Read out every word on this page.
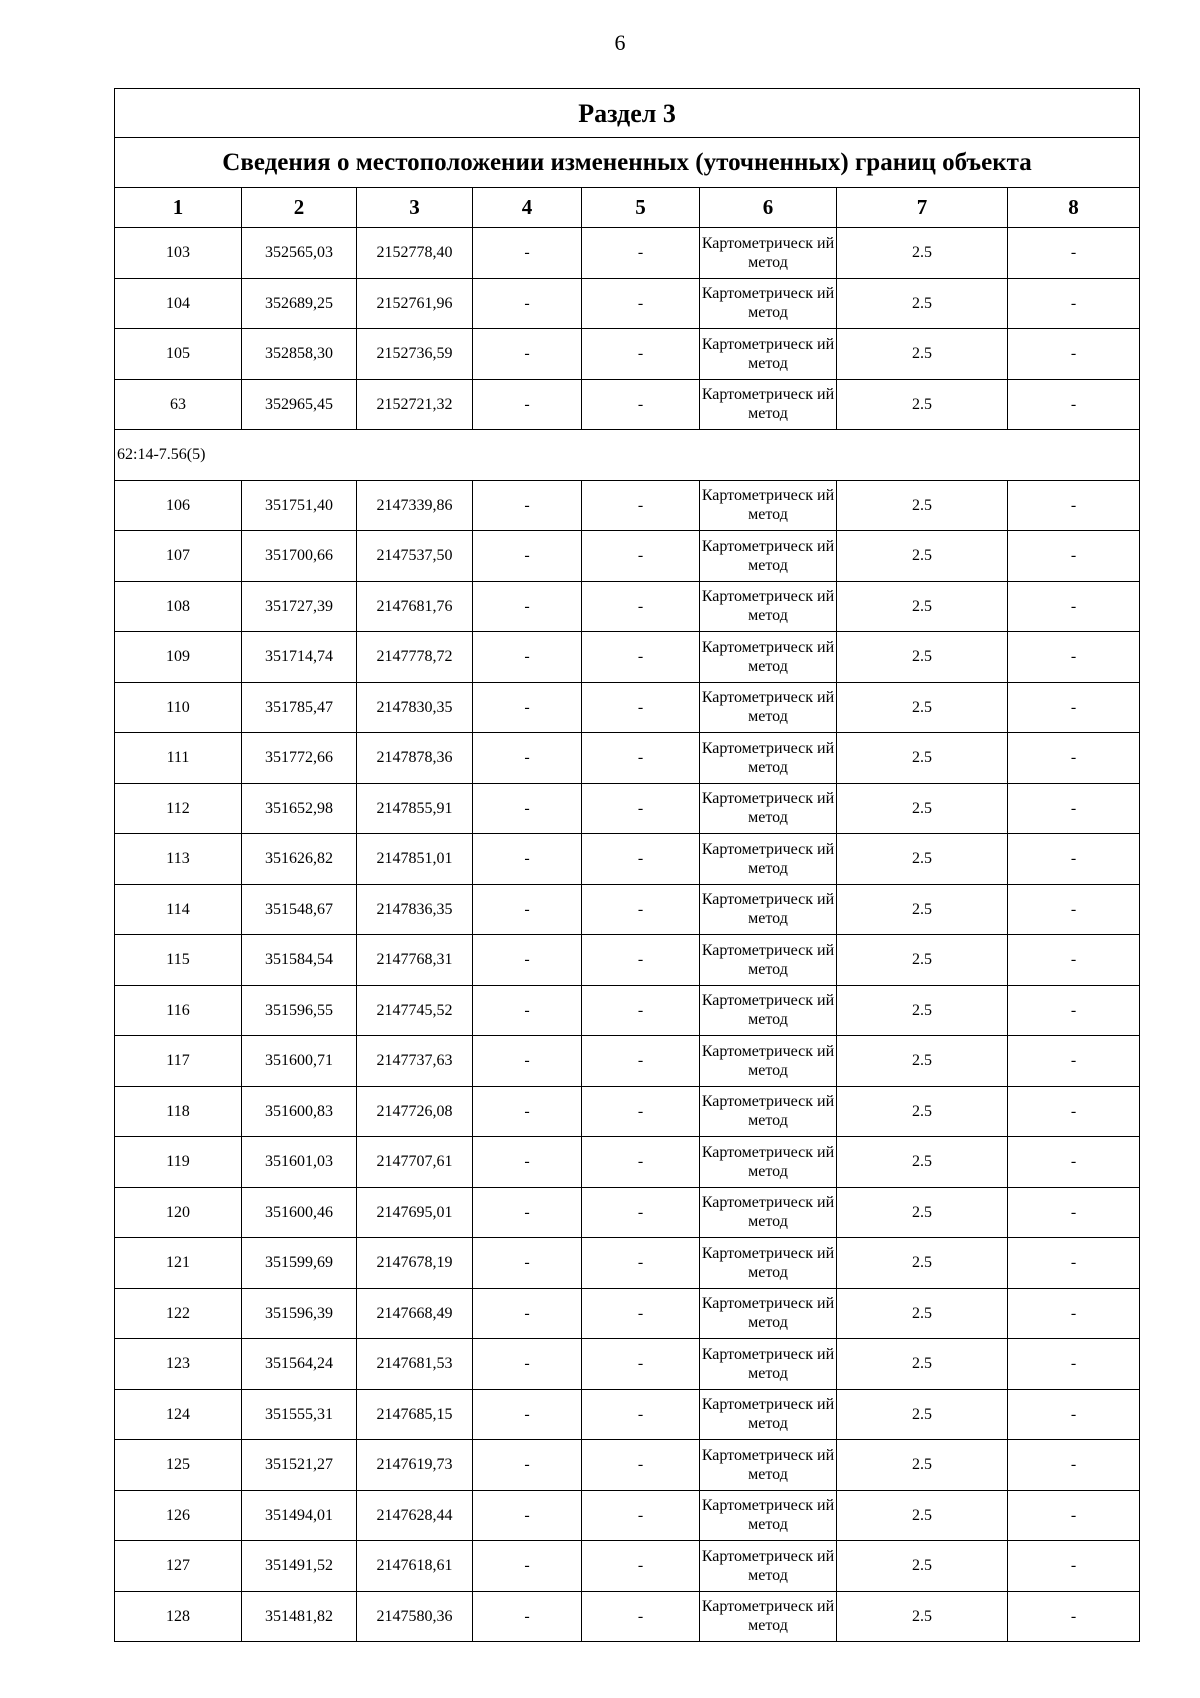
6
Раздел 3							
Сведения о местоположении измененных (уточненных) границ объекта							
1	2	3	4	5	6	7	8
103	352565,03	2152778,40	-	-	Картометрическ ий метод	2.5	-
104	352689,25	2152761,96	-	-	Картометрическ ий метод	2.5	-
105	352858,30	2152736,59	-	-	Картометрическ ий метод	2.5	-
63	352965,45	2152721,32	-	-	Картометрическ ий метод	2.5	-
62:14-7.56(5)							
106	351751,40	2147339,86	-	-	Картометрическ ий метод	2.5	-
107	351700,66	2147537,50	-	-	Картометрическ ий метод	2.5	-
108	351727,39	2147681,76	-	-	Картометрическ ий метод	2.5	-
109	351714,74	2147778,72	-	-	Картометрическ ий метод	2.5	-
110	351785,47	2147830,35	-	-	Картометрическ ий метод	2.5	-
111	351772,66	2147878,36	-	-	Картометрическ ий метод	2.5	-
112	351652,98	2147855,91	-	-	Картометрическ ий метод	2.5	-
113	351626,82	2147851,01	-	-	Картометрическ ий метод	2.5	-
114	351548,67	2147836,35	-	-	Картометрическ ий метод	2.5	-
115	351584,54	2147768,31	-	-	Картометрическ ий метод	2.5	-
116	351596,55	2147745,52	-	-	Картометрическ ий метод	2.5	-
117	351600,71	2147737,63	-	-	Картометрическ ий метод	2.5	-
118	351600,83	2147726,08	-	-	Картометрическ ий метод	2.5	-
119	351601,03	2147707,61	-	-	Картометрическ ий метод	2.5	-
120	351600,46	2147695,01	-	-	Картометрическ ий метод	2.5	-
121	351599,69	2147678,19	-	-	Картометрическ ий метод	2.5	-
122	351596,39	2147668,49	-	-	Картометрическ ий метод	2.5	-
123	351564,24	2147681,53	-	-	Картометрическ ий метод	2.5	-
124	351555,31	2147685,15	-	-	Картометрическ ий метод	2.5	-
125	351521,27	2147619,73	-	-	Картометрическ ий метод	2.5	-
126	351494,01	2147628,44	-	-	Картометрическ ий метод	2.5	-
127	351491,52	2147618,61	-	-	Картометрическ ий метод	2.5	-
128	351481,82	2147580,36	-	-	Картометрическ ий метод	2.5	-
